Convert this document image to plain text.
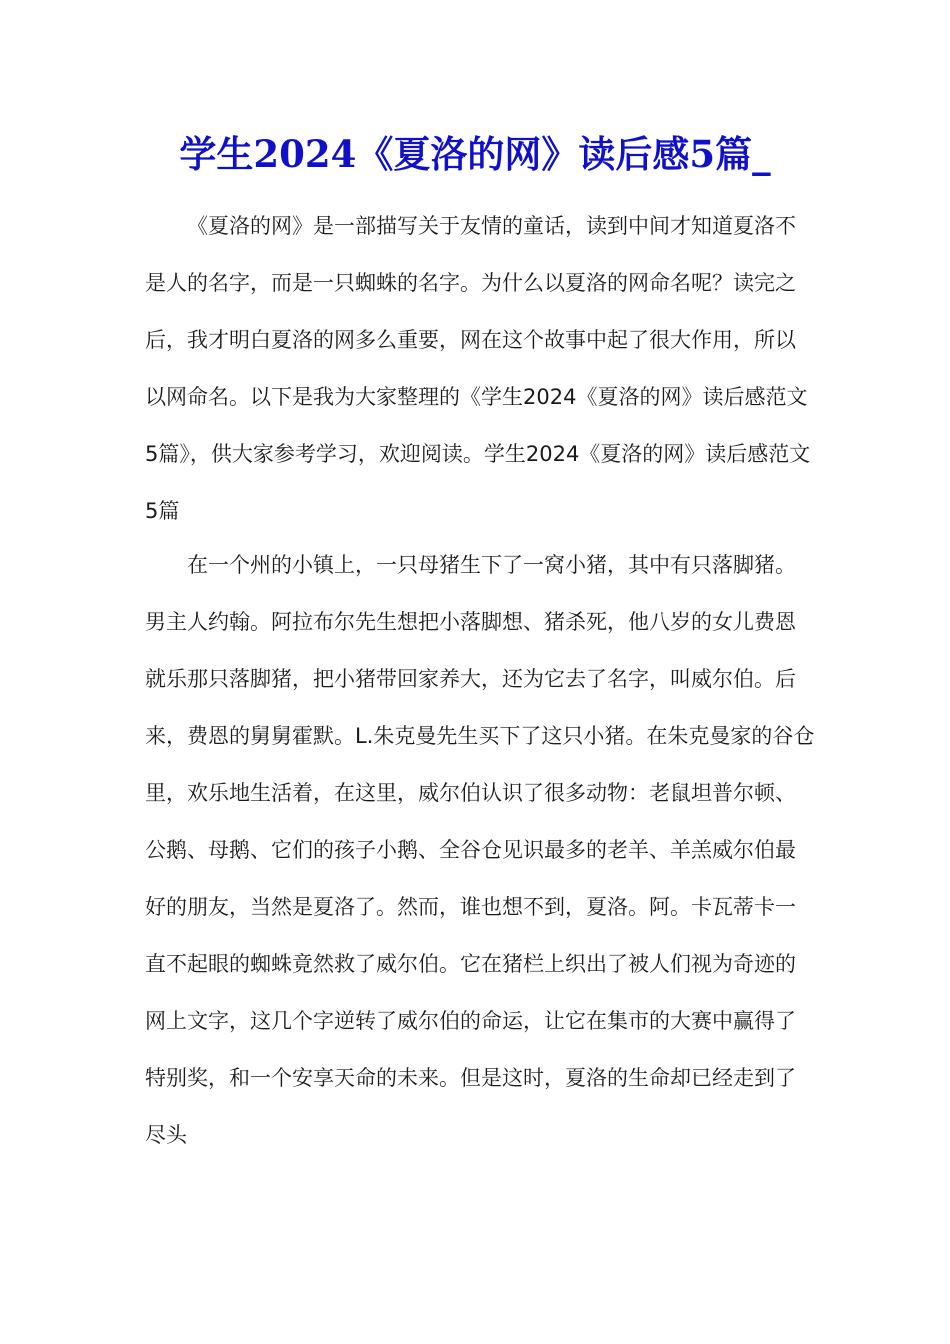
学生2024《夏洛的网》读后感5篇_

《夏洛的网》是一部描写关于友情的童话，读到中间才知道夏洛不是人的名字，而是一只蜘蛛的名字。为什么以夏洛的网命名呢？读完之后，我才明白夏洛的网多么重要，网在这个故事中起了很大作用，所以以网命名。以下是我为大家整理的《学生2024《夏洛的网》读后感范文5篇》，供大家参考学习，欢迎阅读。学生2024《夏洛的网》读后感范文5篇

在一个州的小镇上，一只母猪生下了一窝小猪，其中有只落脚猪。男主人约翰。阿拉布尔先生想把小落脚想、猪杀死，他八岁的女儿费恩就乐那只落脚猪，把小猪带回家养大，还为它去了名字，叫威尔伯。后来，费恩的舅舅霍默。L.朱克曼先生买下了这只小猪。在朱克曼家的谷仓里，欢乐地生活着，在这里，威尔伯认识了很多动物：老鼠坦普尔顿、公鹅、母鹅、它们的孩子小鹅、全谷仓见识最多的老羊、羊羔威尔伯最好的朋友，当然是夏洛了。然而，谁也想不到，夏洛。阿。卡瓦蒂卡一直不起眼的蜘蛛竟然救了威尔伯。它在猪栏上织出了被人们视为奇迹的网上文字，这几个字逆转了威尔伯的命运，让它在集市的大赛中赢得了特别奖，和一个安享天命的未来。但是这时，夏洛的生命却已经走到了尽头
